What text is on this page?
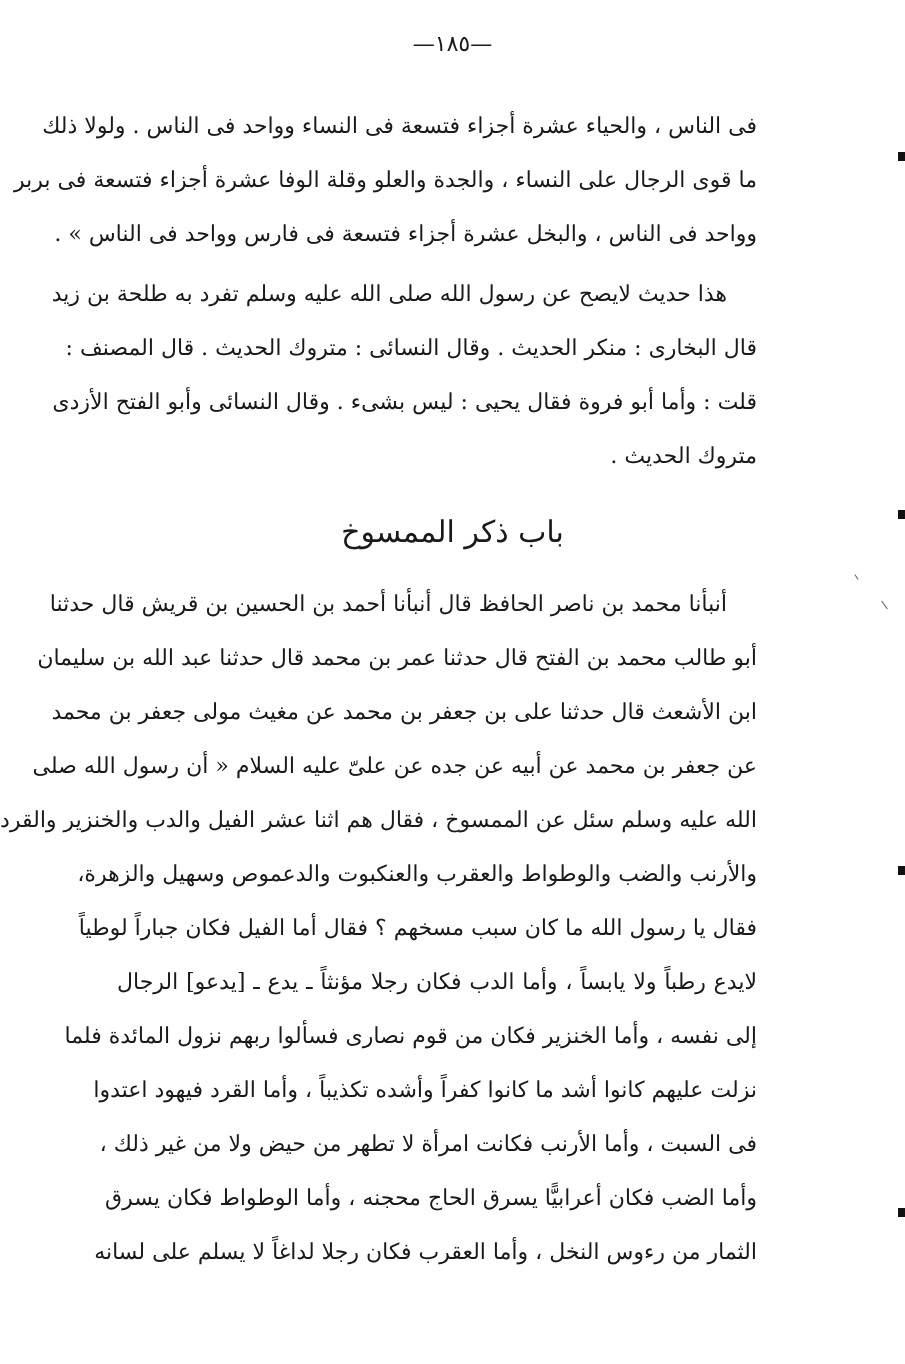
—١٨٥—
فى الناس ، والحياء عشرة أجزاء فتسعة فى النساء وواحد فى الناس . ولولا ذلك
ما قوى الرجال على النساء ، والجدة والعلو وقلة الوفا عشرة أجزاء فتسعة فى بربر
وواحد فى الناس ، والبخل عشرة أجزاء فتسعة فى فارس وواحد فى الناس » .
هذا حديث لايصح عن رسول الله صلى الله عليه وسلم تفرد به طلحة بن زيد
قال البخارى : منكر الحديث . وقال النسائى : متروك الحديث . قال المصنف :
قلت : وأما أبو فروة فقال يحيى : ليس بشىء . وقال النسائى وأبو الفتح الأزدى
متروك الحديث .
باب ذكر الممسوخ
أنبأنا محمد بن ناصر الحافظ قال أنبأنا أحمد بن الحسين بن قريش قال حدثنا
أبو طالب محمد بن الفتح قال حدثنا عمر بن محمد قال حدثنا عبد الله بن سليمان
ابن الأشعث قال حدثنا على بن جعفر بن محمد عن مغيث مولى جعفر بن محمد
عن جعفر بن محمد عن أبيه عن جده عن علىّ عليه السلام « أن رسول الله صلى
الله عليه وسلم سئل عن الممسوخ ، فقال هم اثنا عشر الفيل والدب والخنزير والقرد
والأرنب والضب والوطواط والعقرب والعنكبوت والدعموص وسهيل والزهرة،
فقال يا رسول الله ما كان سبب مسخهم ؟ فقال أما الفيل فكان جباراً لوطياً
لايدع رطباً ولا يابساً ، وأما الدب فكان رجلا مؤنثاً ـ يدع ـ [يدعو] الرجال
إلى نفسه ، وأما الخنزير فكان من قوم نصارى فسألوا ربهم نزول المائدة فلما
نزلت عليهم كانوا أشد ما كانوا كفراً وأشده تكذيباً ، وأما القرد فيهود اعتدوا
فى السبت ، وأما الأرنب فكانت امرأة لا تطهر من حيض ولا من غير ذلك ،
وأما الضب فكان أعرابيًّا يسرق الحاج محجنه ، وأما الوطواط فكان يسرق
الثمار من رءوس النخل ، وأما العقرب فكان رجلا لداغاً لا يسلم على لسانه
